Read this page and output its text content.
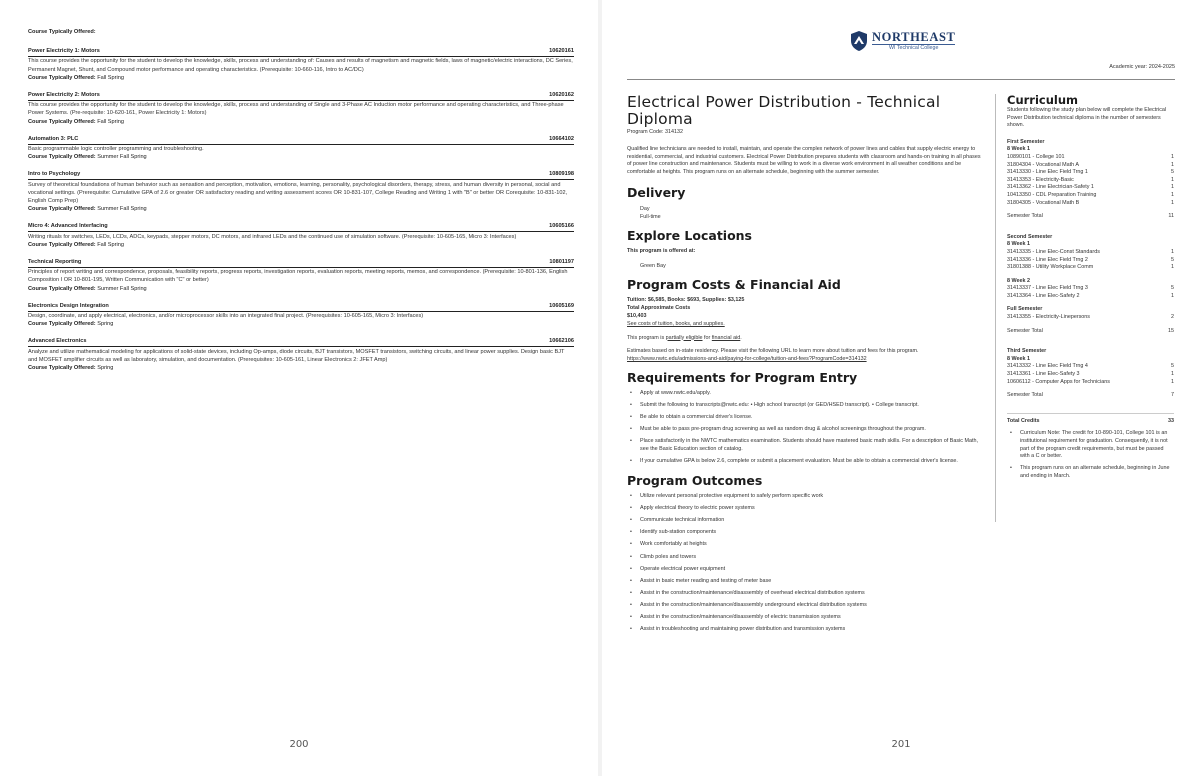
Course Typically Offered:
Power Electricity 1: Motors	10620161
This course provides the opportunity for the student to develop the knowledge, skills, process and understanding of: Causes and results of magnetism and magnetic fields, laws of magnetic/electric interactions, DC Series, Permanent Magnet, Shunt, and Compound motor performance and operating characteristics. (Prerequisite: 10-660-116, Intro to AC/DC)
Course Typically Offered: Fall Spring
Power Electricity 2: Motors	10620162
This course provides the opportunity for the student to develop the knowledge, skills, process and understanding of Single and 3-Phase AC Induction motor performance and operating characteristics, and Three-phase Power Systems. (Pre-requisite: 10-620-161, Power Electricity 1: Motors)
Course Typically Offered: Fall Spring
Automation 3: PLC	10664102
Basic programmable logic controller programming and troubleshooting.
Course Typically Offered: Summer Fall Spring
Intro to Psychology	10809198
Survey of theoretical foundations of human behavior such as sensation and perception, motivation, emotions, learning, personality, psychological disorders, therapy, stress, and human diversity in personal, social and vocational settings. (Prerequisite: Cumulative GPA of 2.6 or greater OR satisfactory reading and writing assessment scores OR 10-831-107, College Reading and Writing 1 with "B" or better OR Corequisite: 10-831-102, English Comp Prep)
Course Typically Offered: Summer Fall Spring
Micro 4: Advanced Interfacing	10605166
Writing rituals for switches, LEDs, LCDs, ADCs, keypads, stepper motors, DC motors, and infrared LEDs and the continued use of simulation software. (Prerequisite: 10-605-165, Micro 3: Interfaces)
Course Typically Offered: Fall Spring
Technical Reporting	10801197
Principles of report writing and correspondence, proposals, feasibility reports, progress reports, investigation reports, evaluation reports, meeting reports, memos, and correspondence. (Prerequisite: 10-801-136, English Composition I OR 10-801-195, Written Communication with "C" or better)
Course Typically Offered: Summer Fall Spring
Electronics Design Integration	10605169
Design, coordinate, and apply electrical, electronics, and/or microprocessor skills into an integrated final project. (Prerequisites: 10-605-165, Micro 3: Interfaces)
Course Typically Offered: Spring
Advanced Electronics	10662106
Analyze and utilize mathematical modeling for applications of solid-state devices, including Op-amps, diode circuits, BJT transistors, MOSFET transistors, switching circuits, and linear power supplies. Design basic BJT and MOSFET amplifier circuits as well as laboratory, simulation, and documentation. (Prerequisites: 10-605-161, Linear Electronics 2: JFET Amp)
Course Typically Offered: Spring
200
NORTHEAST
WI Technical College
Academic year: 2024-2025
Electrical Power Distribution - Technical Diploma
Program Code: 314132

Qualified line technicians are needed to install, maintain, and operate the complex network of power lines and cables that supply electric energy to residential, commercial, and industrial customers. Electrical Power Distribution prepares students with classroom and hands-on training in all phases of power line construction and maintenance. Students must be willing to work in a diverse work environment in all weather conditions and be comfortable at heights. This program runs on an alternate schedule, beginning with the summer semester.

Delivery
Day
Full-time
Explore Locations
This program is offered at:
Green Bay
Program Costs & Financial Aid
Tuition: $6,585, Books: $693, Supplies: $3,125
Total Approximate Costs
$10,403
See costs of tuition, books, and supplies.
This program is partially eligible for financial aid.
Estimates based on in-state residency. Please visit the following URL to learn more about tuition and fees for this program.
https://www.nwtc.edu/admissions-and-aid/paying-for-college/tuition-and-fees?ProgramCode=314132
Requirements for Program Entry
• Apply at www.nwtc.edu/apply.
• Submit the following to transcripts@nwtc.edu: • High school transcript (or GED/HSED transcript). • College transcript.
• Be able to obtain a commercial driver's license.
• Must be able to pass pre-program drug screening as well as random drug & alcohol screenings throughout the program.
• Place satisfactorily in the NWTC mathematics examination. Students should have mastered basic math skills. For a description of Basic Math, see the Basic Education section of catalog.
• If your cumulative GPA is below 2.6, complete or submit a placement evaluation. Must be able to obtain a commercial driver's license.
Program Outcomes
• Utilize relevant personal protective equipment to safely perform specific work
• Apply electrical theory to electric power systems
• Communicate technical information
• Identify sub-station components
• Work comfortably at heights
• Climb poles and towers
• Operate electrical power equipment
• Assist in basic meter reading and testing of meter base
• Assist in the construction/maintenance/disassembly of overhead electrical distribution systems
• Assist in the construction/maintenance/disassembly underground electrical distribution systems
• Assist in the construction/maintenance/disassembly of electric transmission systems
• Assist in troubleshooting and maintaining power distribution and transmission systems
Curriculum

Students following the study plan below will complete the Electrical Power Distribution technical diploma in the number of semesters shown.

First Semester
8 Week 1
10890101 - College 101	1
31804304 - Vocational Math A	1
31413330 - Line Elec Field Trng 1	5
31413353 - Electricity-Basic	1
31413362 - Line Electrician-Safety 1	1
10413350 - CDL Preparation Training	1
31804305 - Vocational Math B	1
Semester Total	11
Second Semester
8 Week 1
31413335 - Line Elec-Const Standards	1
31413336 - Line Elec Field Trng 2	5
31801388 - Utility Workplace Comm	1
8 Week 2
31413337 - Line Elec Field Trng 3	5
31413364 - Line Elec-Safety 2	1
Full Semester
31413355 - Electricity-Linepersons	2
Semester Total	15
Third Semester
8 Week 1
31413332 - Line Elec Field Trng 4	5
31413361 - Line Elec-Safety 3	1
10606112 - Computer Apps for Technicians	1
Semester Total	7
Total Credits	33
• Curriculum Note: The credit for 10-890-101, College 101 is an institutional requirement for graduation. Consequently, it is not part of the program credit requirements, but must be passed with a C or better.
• This program runs on an alternate schedule, beginning in June and ending in March.
201
